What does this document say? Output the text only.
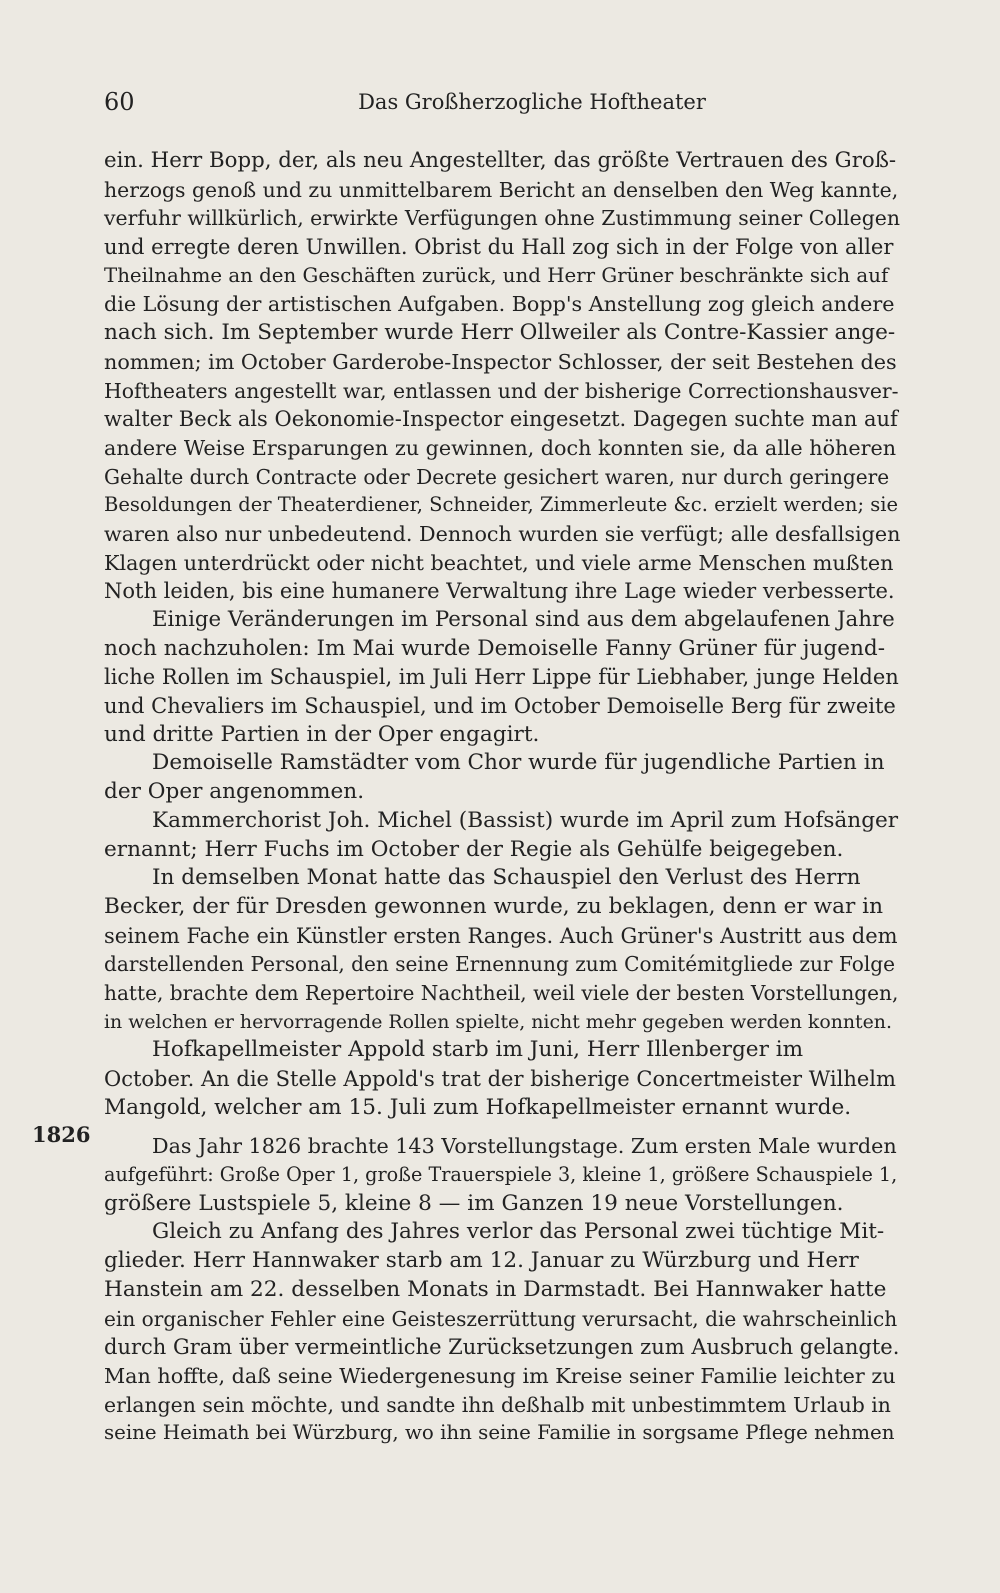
60	Das Großherzogliche Hoftheater
1826
ein. Herr Bopp, der, als neu Angestellter, das größte Vertrauen des Groß-
herzogs genoß und zu unmittelbarem Bericht an denselben den Weg kannte,
verfuhr willkürlich, erwirkte Verfügungen ohne Zustimmung seiner Collegen
und erregte deren Unwillen. Obrist du Hall zog sich in der Folge von aller
Theilnahme an den Geschäften zurück, und Herr Grüner beschränkte sich auf
die Lösung der artistischen Aufgaben. Bopp's Anstellung zog gleich andere
nach sich. Im September wurde Herr Ollweiler als Contre-Kassier ange-
nommen; im October Garderobe-Inspector Schlosser, der seit Bestehen des
Hoftheaters angestellt war, entlassen und der bisherige Correctionshausver-
walter Beck als Oekonomie-Inspector eingesetzt. Dagegen suchte man auf
andere Weise Ersparungen zu gewinnen, doch konnten sie, da alle höheren
Gehalte durch Contracte oder Decrete gesichert waren, nur durch geringere
Besoldungen der Theaterdiener, Schneider, Zimmerleute &c. erzielt werden; sie
waren also nur unbedeutend. Dennoch wurden sie verfügt; alle desfallsigen
Klagen unterdrückt oder nicht beachtet, und viele arme Menschen mußten
Noth leiden, bis eine humanere Verwaltung ihre Lage wieder verbesserte.
Einige Veränderungen im Personal sind aus dem abgelaufenen Jahre
noch nachzuholen: Im Mai wurde Demoiselle Fanny Grüner für jugend-
liche Rollen im Schauspiel, im Juli Herr Lippe für Liebhaber, junge Helden
und Chevaliers im Schauspiel, und im October Demoiselle Berg für zweite
und dritte Partien in der Oper engagirt.
Demoiselle Ramstädter vom Chor wurde für jugendliche Partien in
der Oper angenommen.
Kammerchorist Joh. Michel (Bassist) wurde im April zum Hofsänger
ernannt; Herr Fuchs im October der Regie als Gehülfe beigegeben.
In demselben Monat hatte das Schauspiel den Verlust des Herrn
Becker, der für Dresden gewonnen wurde, zu beklagen, denn er war in
seinem Fache ein Künstler ersten Ranges. Auch Grüner's Austritt aus dem
darstellenden Personal, den seine Ernennung zum Comitémitgliede zur Folge
hatte, brachte dem Repertoire Nachtheil, weil viele der besten Vorstellungen,
in welchen er hervorragende Rollen spielte, nicht mehr gegeben werden konnten.
Hofkapellmeister Appold starb im Juni, Herr Illenberger im
October. An die Stelle Appold's trat der bisherige Concertmeister Wilhelm
Mangold, welcher am 15. Juli zum Hofkapellmeister ernannt wurde.
Das Jahr 1826 brachte 143 Vorstellungstage. Zum ersten Male wurden
aufgeführt: Große Oper 1, große Trauerspiele 3, kleine 1, größere Schauspiele 1,
größere Lustspiele 5, kleine 8 — im Ganzen 19 neue Vorstellungen.
Gleich zu Anfang des Jahres verlor das Personal zwei tüchtige Mit-
glieder. Herr Hannwaker starb am 12. Januar zu Würzburg und Herr
Hanstein am 22. desselben Monats in Darmstadt. Bei Hannwaker hatte
ein organischer Fehler eine Geisteszerrüttung verursacht, die wahrscheinlich
durch Gram über vermeintliche Zurücksetzungen zum Ausbruch gelangte.
Man hoffte, daß seine Wiedergenesung im Kreise seiner Familie leichter zu
erlangen sein möchte, und sandte ihn deßhalb mit unbestimmtem Urlaub in
seine Heimath bei Würzburg, wo ihn seine Familie in sorgsame Pflege nehmen
